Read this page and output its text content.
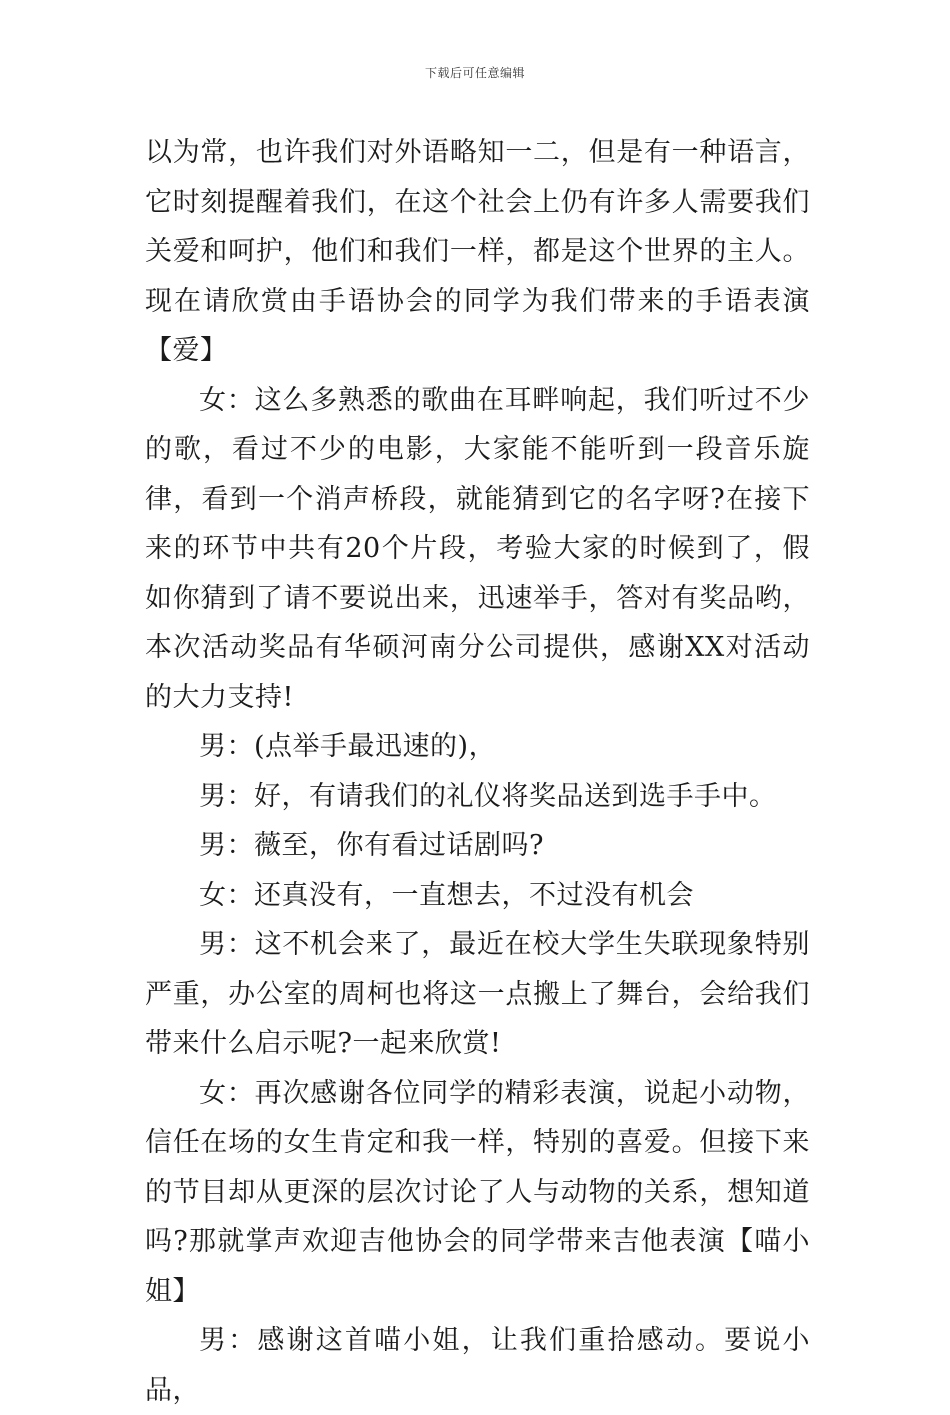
下载后可任意编辑

以为常，也许我们对外语略知一二，但是有一种语言，它时刻提醒着我们，在这个社会上仍有许多人需要我们关爱和呵护，他们和我们一样，都是这个世界的主人。现在请欣赏由手语协会的同学为我们带来的手语表演【爱】

女：这么多熟悉的歌曲在耳畔响起，我们听过不少的歌，看过不少的电影，大家能不能听到一段音乐旋律，看到一个消声桥段，就能猜到它的名字呀?在接下来的环节中共有20个片段，考验大家的时候到了，假如你猜到了请不要说出来，迅速举手，答对有奖品哟，本次活动奖品有华硕河南分公司提供，感谢XX对活动的大力支持!

男：(点举手最迅速的)，

男：好，有请我们的礼仪将奖品送到选手手中。

男：薇至，你有看过话剧吗?

女：还真没有，一直想去，不过没有机会

男：这不机会来了，最近在校大学生失联现象特别严重，办公室的周柯也将这一点搬上了舞台，会给我们带来什么启示呢?一起来欣赏!

女：再次感谢各位同学的精彩表演，说起小动物，信任在场的女生肯定和我一样，特别的喜爱。但接下来的节目却从更深的层次讨论了人与动物的关系，想知道吗?那就掌声欢迎吉他协会的同学带来吉他表演【喵小姐】

男：感谢这首喵小姐，让我们重拾感动。要说小品，
